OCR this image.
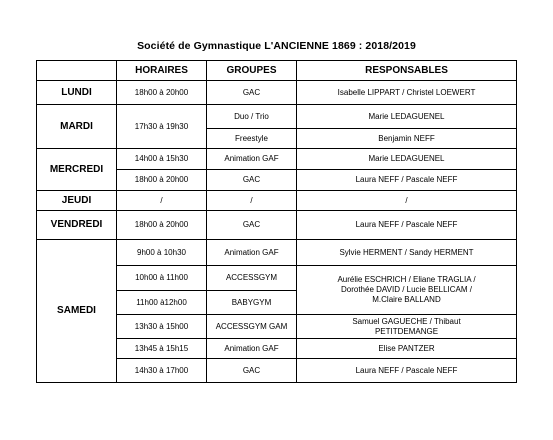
Société de Gymnastique L'ANCIENNE 1869 : 2018/2019
	HORAIRES	GROUPES	RESPONSABLES
LUNDI	18h00 à 20h00	GAC	Isabelle LIPPART / Christel LOEWERT
MARDI	17h30 à 19h30	Duo / Trio	Marie LEDAGUENEL
		Freestyle	Benjamin NEFF
MERCREDI	14h00 à 15h30	Animation GAF	Marie LEDAGUENEL
	18h00 à 20h00	GAC	Laura NEFF / Pascale NEFF
JEUDI	/	/	/
VENDREDI	18h00 à 20h00	GAC	Laura NEFF / Pascale NEFF
SAMEDI	9h00 à 10h30	Animation GAF	Sylvie HERMENT / Sandy HERMENT
	10h00 à 11h00	ACCESSGYM	Aurélie ESCHRICH / Eliane TRAGLIA /
Dorothée DAVID / Lucie BELLICAM /
M.Claire BALLAND

	11h00 à12h00	BABYGYM	
	13h30 à 15h00	ACCESSGYM GAM	Samuel GAGUECHE / Thibaut
PETITDEMANGE

	13h45 à 15h15	Animation GAF	Elise PANTZER
	14h30 à 17h00	GAC	Laura NEFF / Pascale NEFF
